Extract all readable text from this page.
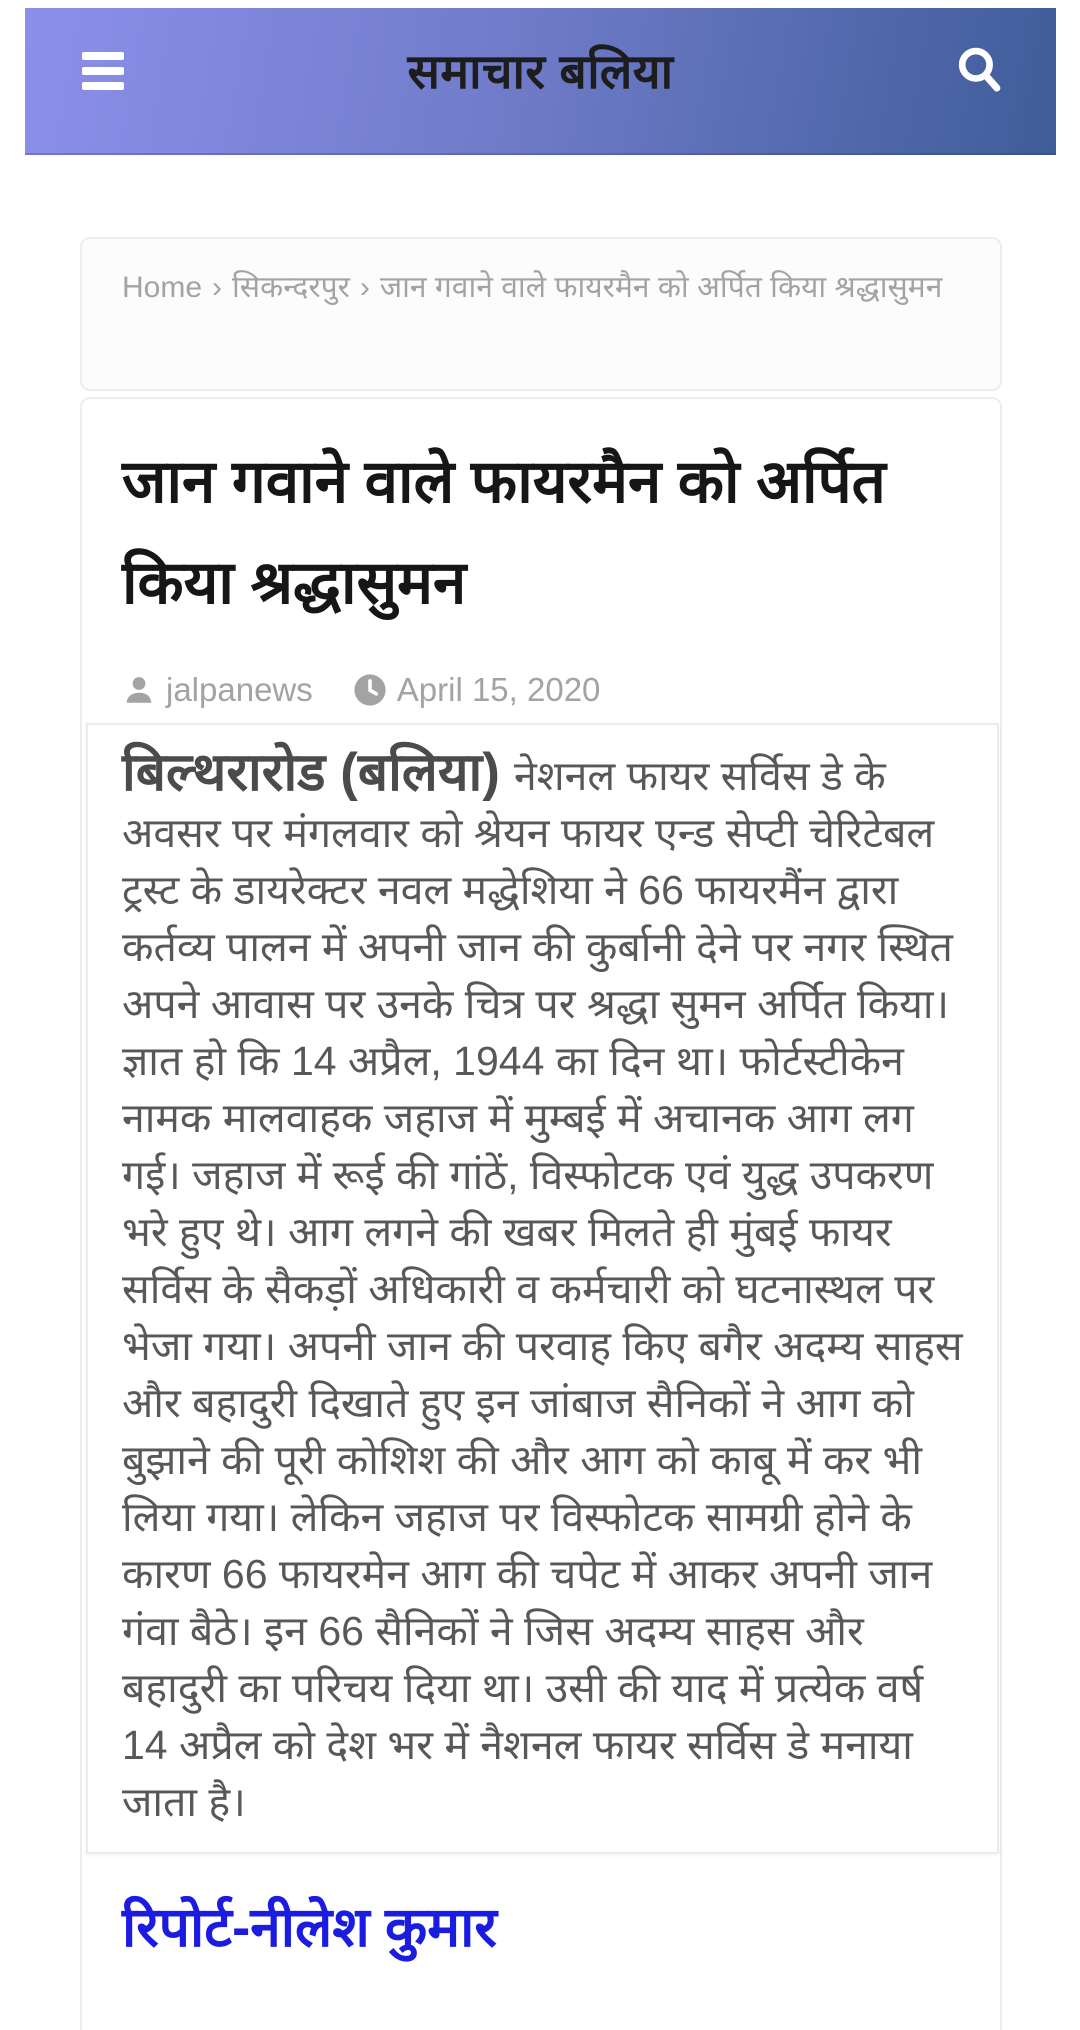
समाचार बलिया
Home › सिकन्दरपुर › जान गवाने वाले फायरमैन को अर्पित किया श्रद्धासुमन
जान गवाने वाले फायरमैन को अर्पित किया श्रद्धासुमन
jalpanews	April 15, 2020

बिल्थरारोड (बलिया) नेशनल फायर सर्विस डे के अवसर पर मंगलवार को श्रेयन फायर एन्ड सेप्टी चेरिटेबल ट्रस्ट के डायरेक्टर नवल मद्धेशिया ने 66 फायरमैंन द्वारा कर्तव्य पालन में अपनी जान की कुर्बानी देने पर नगर स्थित अपने आवास पर उनके चित्र पर श्रद्धा सुमन अर्पित किया। ज्ञात हो कि 14 अप्रैल, 1944 का दिन था। फोर्टस्टीकेन नामक मालवाहक जहाज में मुम्बई में अचानक आग लग गई। जहाज में रूई की गांठें, विस्फोटक एवं युद्ध उपकरण भरे हुए थे। आग लगने की खबर मिलते ही मुंबई फायर सर्विस के सैकड़ों अधिकारी व कर्मचारी को घटनास्थल पर भेजा गया। अपनी जान की परवाह किए बगैर अदम्य साहस और बहादुरी दिखाते हुए इन जांबाज सैनिकों ने आग को बुझाने की पूरी कोशिश की और आग को काबू में कर भी लिया गया। लेकिन जहाज पर विस्फोटक सामग्री होने के कारण 66 फायरमेन आग की चपेट में आकर अपनी जान गंवा बैठे। इन 66 सैनिकों ने जिस अदम्य साहस और बहादुरी का परिचय दिया था। उसी की याद में प्रत्येक वर्ष 14 अप्रैल को देश भर में नैशनल फायर सर्विस डे मनाया जाता है।

रिपोर्ट-नीलेश कुमार
